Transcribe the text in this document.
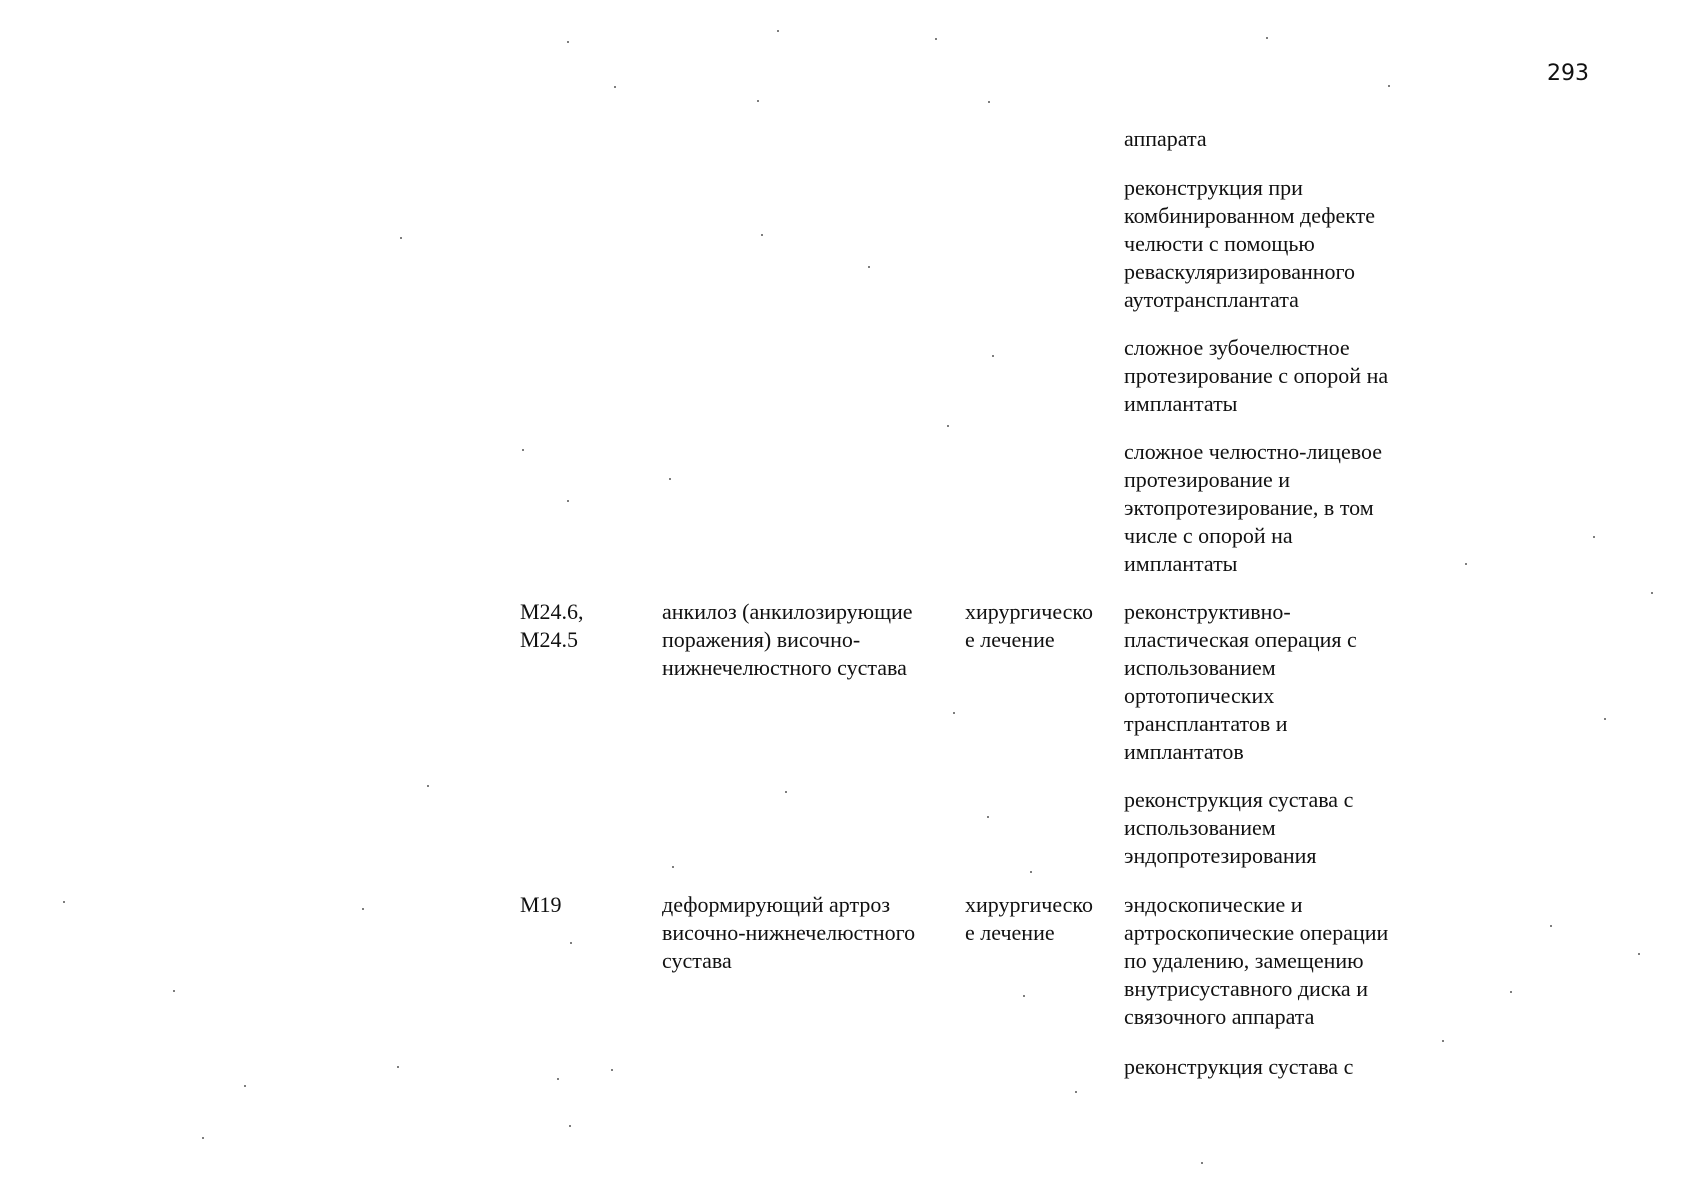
293
аппарата
реконструкция при
комбинированном дефекте
челюсти с помощью
реваскуляризированного
аутотрансплантата
сложное зубочелюстное
протезирование с опорой на
имплантаты
сложное челюстно-лицевое
протезирование и
эктопротезирование, в том
числе с опорой на
имплантаты
M24.6,
M24.5
анкилоз (анкилозирующие
поражения) височно-
нижнечелюстного сустава
хирургическо
е лечение
реконструктивно-
пластическая операция с
использованием
ортотопических
трансплантатов и
имплантатов
реконструкция сустава с
использованием
эндопротезирования
M19	деформирующий артроз
височно-нижнечелюстного
сустава
хирургическо
е лечение
эндоскопические и
артроскопические операции
по удалению, замещению
внутрисуставного диска и
связочного аппарата
реконструкция сустава с
